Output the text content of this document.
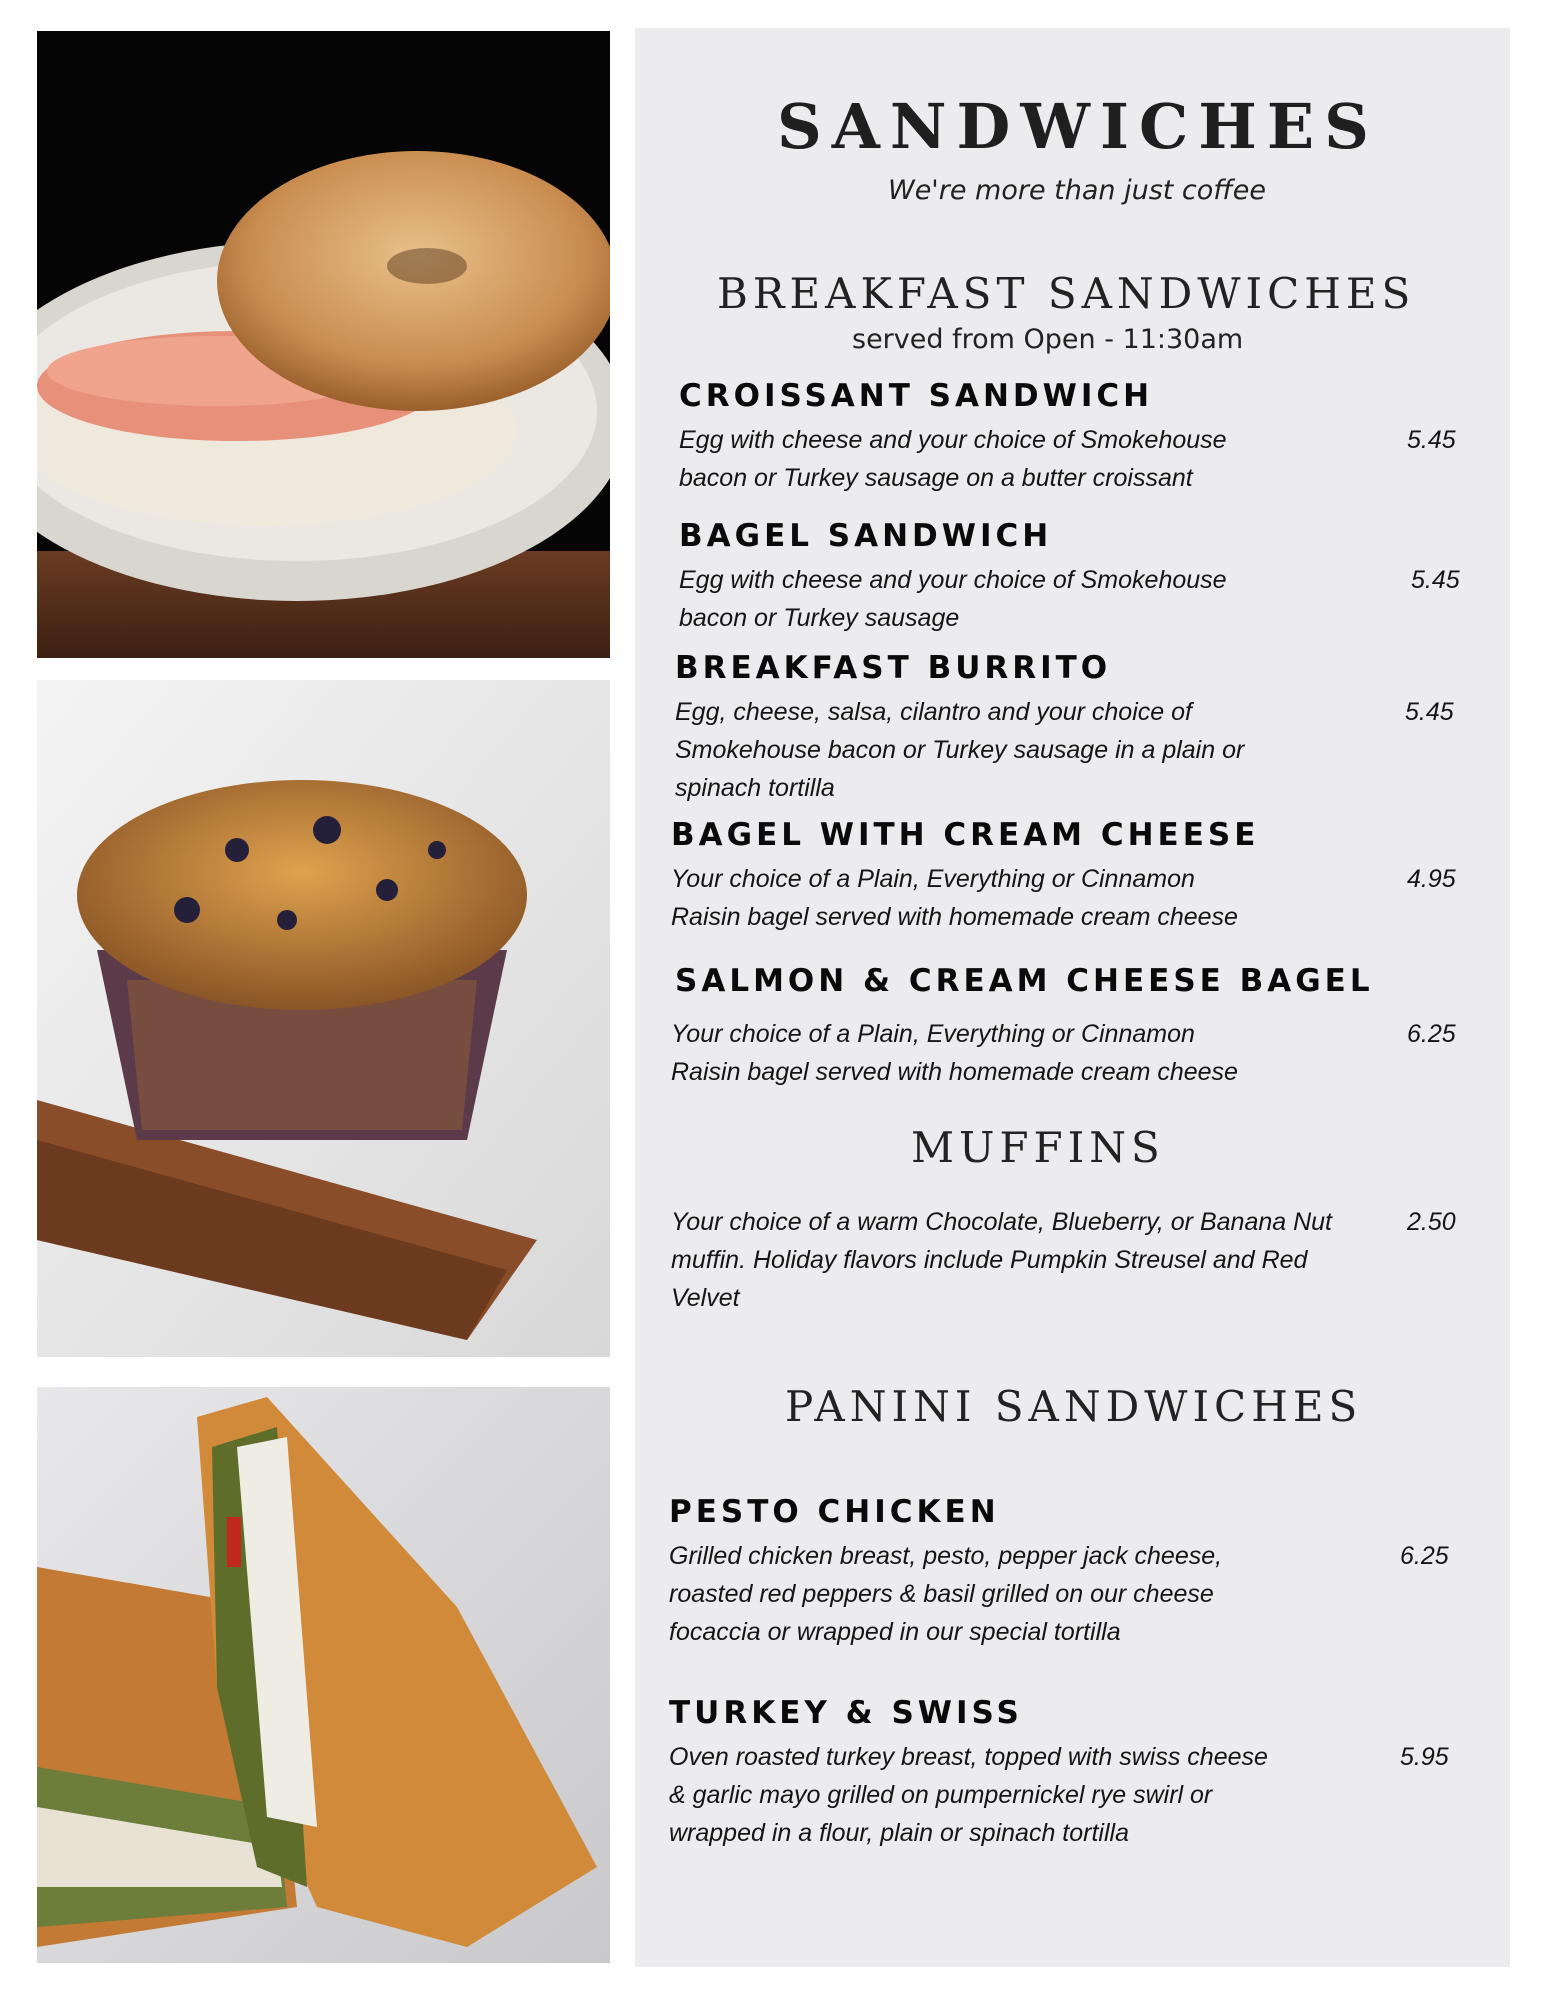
SANDWICHES
We're more than just coffee
BREAKFAST SANDWICHES
served from Open - 11:30am
CROISSANT SANDWICH
Egg with cheese and your choice of Smokehouse bacon or Turkey sausage on a butter croissant
5.45
BAGEL SANDWICH
Egg with cheese and your choice of Smokehouse bacon or Turkey sausage
5.45
BREAKFAST BURRITO
Egg, cheese, salsa, cilantro and your choice of Smokehouse bacon or Turkey sausage in a plain or spinach tortilla
5.45
BAGEL WITH CREAM CHEESE
Your choice of a Plain, Everything or Cinnamon Raisin bagel served with homemade cream cheese
4.95
SALMON & CREAM CHEESE BAGEL
Your choice of a Plain, Everything or Cinnamon Raisin bagel served with homemade cream cheese
6.25
MUFFINS
Your choice of a warm Chocolate, Blueberry, or Banana Nut muffin. Holiday flavors include Pumpkin Streusel and Red Velvet
2.50
PANINI SANDWICHES
PESTO CHICKEN
Grilled chicken breast, pesto, pepper jack cheese, roasted red peppers & basil grilled on our cheese focaccia or wrapped in our special tortilla
6.25
TURKEY & SWISS
Oven roasted turkey breast, topped with swiss cheese & garlic mayo grilled on pumpernickel rye swirl or wrapped in a flour, plain or spinach tortilla
5.95
